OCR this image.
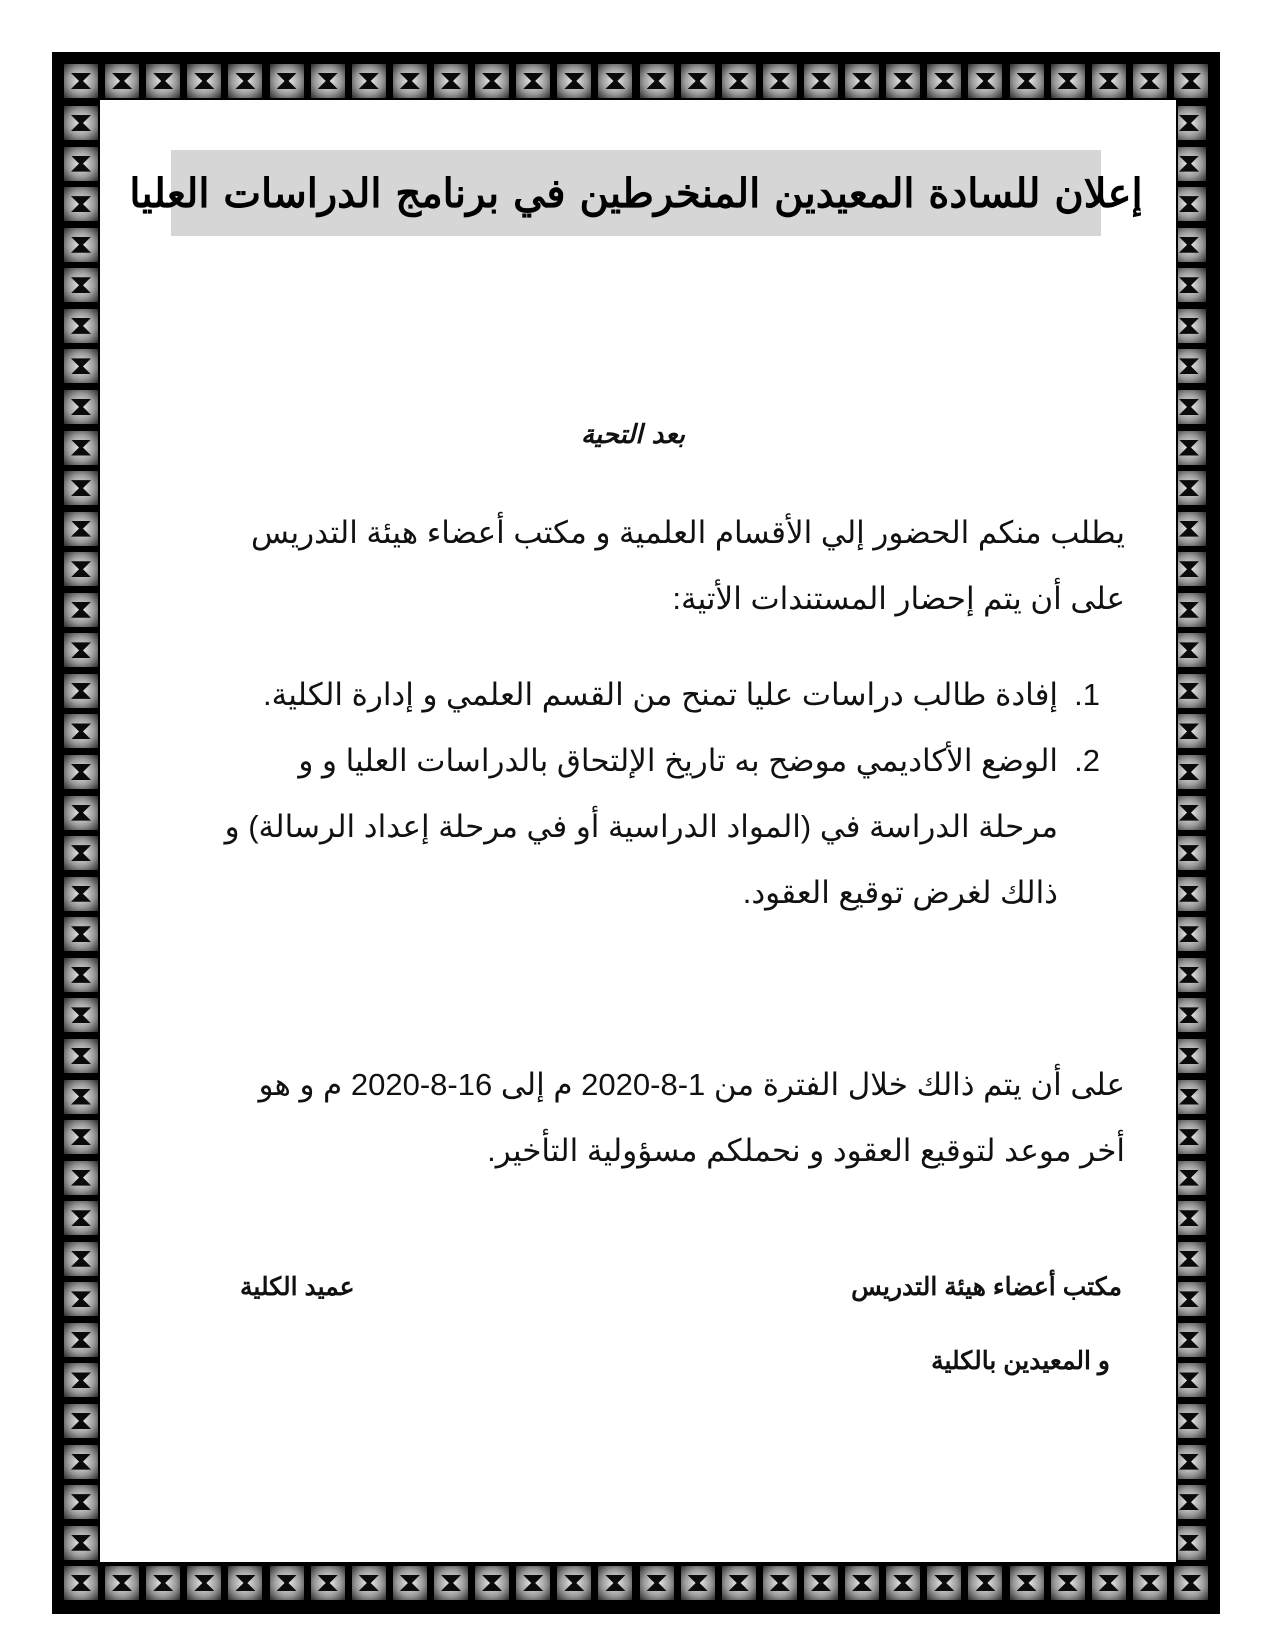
إعلان للسادة المعيدين المنخرطين في برنامج الدراسات العليا
بعد التحية
يطلب منكم الحضور إلي الأقسام العلمية و مكتب أعضاء هيئة التدريس
على أن يتم إحضار المستندات الأتية:
1.
إفادة طالب دراسات عليا تمنح من القسم العلمي و إدارة الكلية.
2.
الوضع الأكاديمي موضح به تاريخ الإلتحاق بالدراسات العليا و و
مرحلة الدراسة في (المواد الدراسية أو في مرحلة إعداد الرسالة) و
ذالك لغرض توقيع العقود.
على أن يتم ذالك خلال الفترة من 1-8-2020 م إلى 16-8-2020 م و هو
أخر موعد لتوقيع العقود و نحملكم مسؤولية التأخير.
مكتب أعضاء هيئة التدريس
و المعيدين بالكلية
عميد الكلية
